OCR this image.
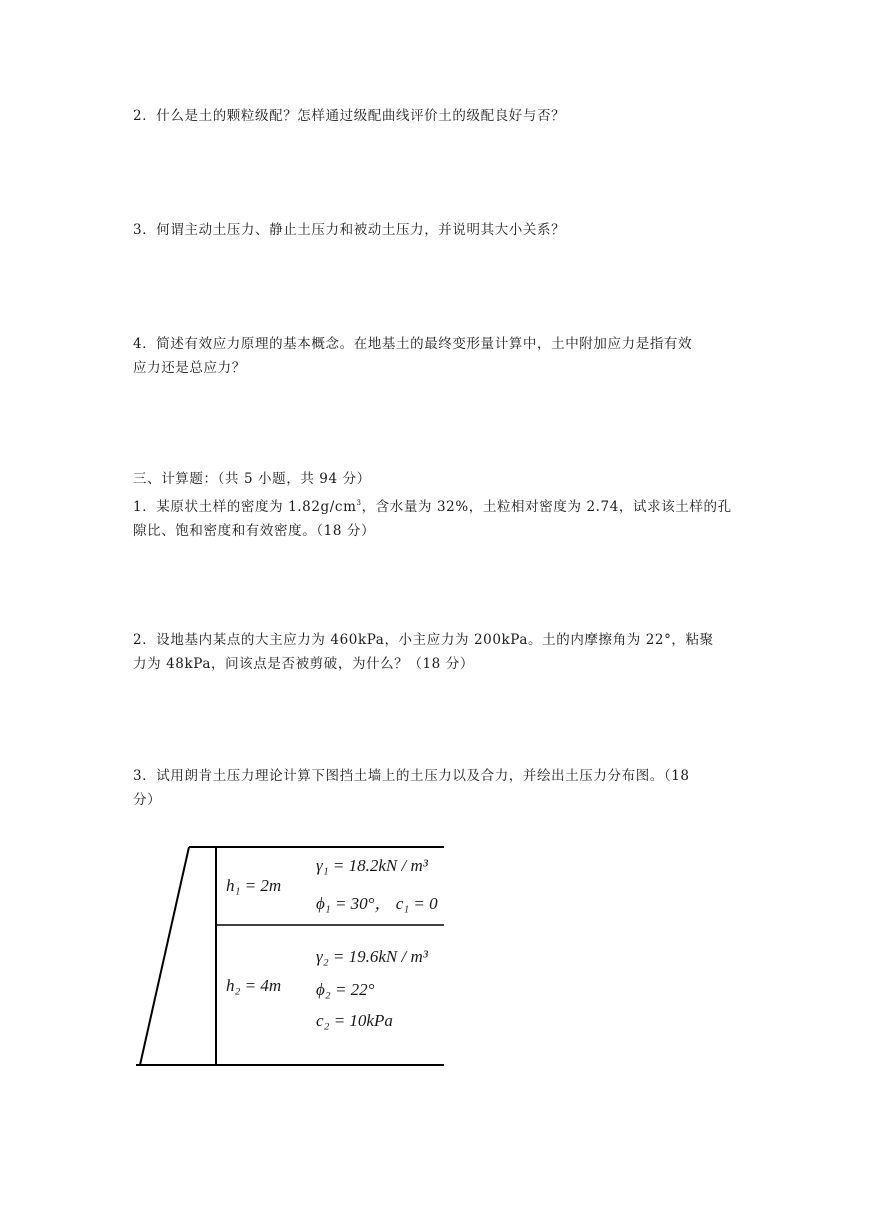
2．什么是土的颗粒级配？怎样通过级配曲线评价土的级配良好与否？
3．何谓主动土压力、静止土压力和被动土压力，并说明其大小关系？
4．简述有效应力原理的基本概念。在地基土的最终变形量计算中，土中附加应力是指有效
应力还是总应力？
三、计算题：（共 5 小题，共 94 分）
1．某原状土样的密度为 $1.82g/cm^3$，含水量为 32%，土粒相对密度为 2.74，试求该土样的孔
隙比、饱和密度和有效密度。（18 分）
2．设地基内某点的大主应力为 460kPa，小主应力为 200kPa。土的内摩擦角为 22°，粘聚
力为 48kPa，问该点是否被剪破，为什么？（18 分）
3．试用朗肯土压力理论计算下图挡土墙上的土压力以及合力，并绘出土压力分布图。（18
分）
h₁ = 2m
γ₁ = 18.2kN / m³
ϕ₁ = 30°， c₁ = 0
h₂ = 4m
γ₂ = 19.6kN / m³
ϕ₂ = 22°
c₂ = 10kPa
